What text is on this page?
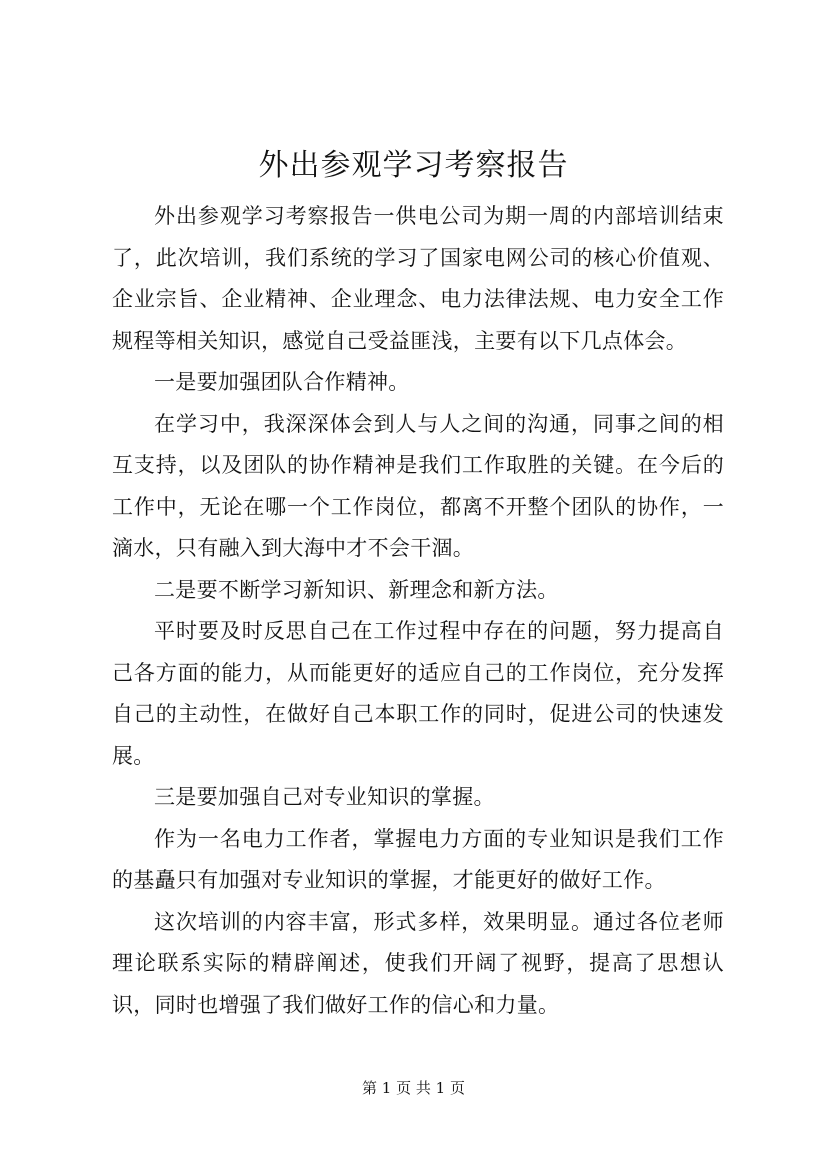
外出参观学习考察报告

外出参观学习考察报告一供电公司为期一周的内部培训结束了，此次培训，我们系统的学习了国家电网公司的核心价值观、企业宗旨、企业精神、企业理念、电力法律法规、电力安全工作规程等相关知识，感觉自己受益匪浅，主要有以下几点体会。

一是要加强团队合作精神。

在学习中，我深深体会到人与人之间的沟通，同事之间的相互支持，以及团队的协作精神是我们工作取胜的关键。在今后的工作中，无论在哪一个工作岗位，都离不开整个团队的协作，一滴水，只有融入到大海中才不会干涸。

二是要不断学习新知识、新理念和新方法。

平时要及时反思自己在工作过程中存在的问题，努力提高自己各方面的能力，从而能更好的适应自己的工作岗位，充分发挥自己的主动性，在做好自己本职工作的同时，促进公司的快速发展。

三是要加强自己对专业知识的掌握。

作为一名电力工作者，掌握电力方面的专业知识是我们工作的基矗只有加强对专业知识的掌握，才能更好的做好工作。

这次培训的内容丰富，形式多样，效果明显。通过各位老师理论联系实际的精辟阐述，使我们开阔了视野，提高了思想认识，同时也增强了我们做好工作的信心和力量。

第 1 页 共 1 页
